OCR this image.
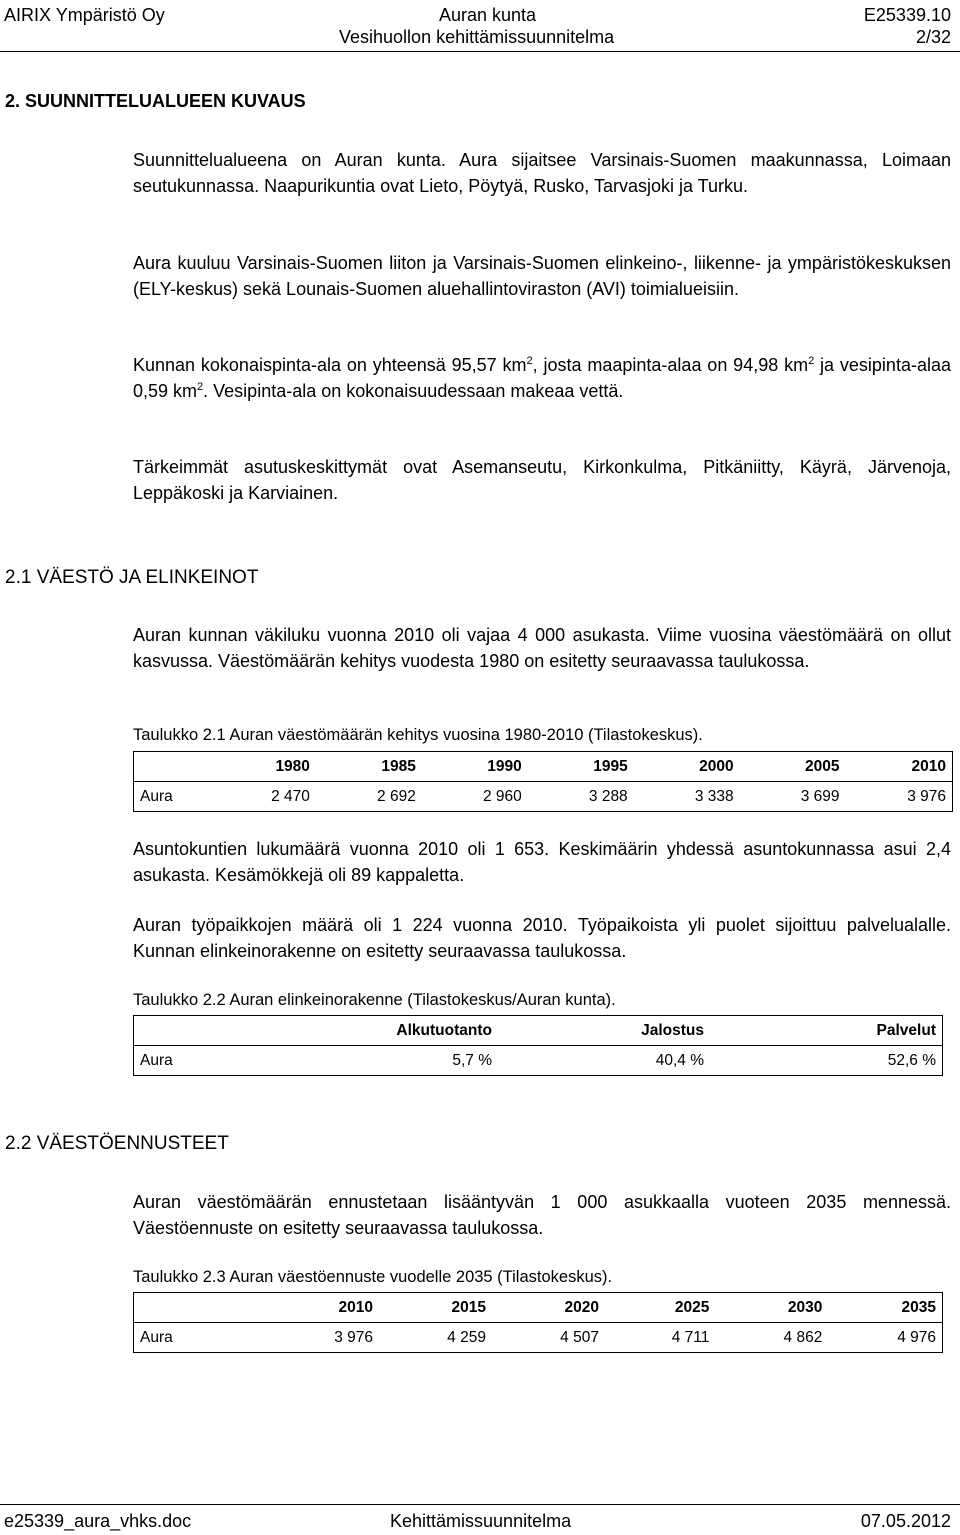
AIRIX Ympäristö Oy	Auran kunta	E25339.10
Vesihuollon kehittämissuunnitelma	2/32
2. SUUNNITTELUALUEEN KUVAUS

Suunnittelualueena on Auran kunta. Aura sijaitsee Varsinais-Suomen maakunnassa, Loimaan seutukunnassa. Naapurikuntia ovat Lieto, Pöytyä, Rusko, Tarvasjoki ja Turku.

Aura kuuluu Varsinais-Suomen liiton ja Varsinais-Suomen elinkeino-, liikenne- ja ympäristökeskuksen (ELY-keskus) sekä Lounais-Suomen aluehallintoviraston (AVI) toimialueisiin.

Kunnan kokonaispinta-ala on yhteensä 95,57 $km^2$, josta maapinta-alaa on 94,98 $km^2$ ja vesipinta-alaa 0,59 $km^2$. Vesipinta-ala on kokonaisuudessaan makeaa vettä.

Tärkeimmät asutuskeskittymät ovat Asemanseutu, Kirkonkulma, Pitkäniitty, Käyrä, Järvenoja, Leppäkoski ja Karviainen.

2.1 VÄESTÖ JA ELINKEINOT

Auran kunnan väkiluku vuonna 2010 oli vajaa 4 000 asukasta. Viime vuosina väestömäärä on ollut kasvussa. Väestömäärän kehitys vuodesta 1980 on esitetty seuraavassa taulukossa.

Taulukko 2.1 Auran väestömäärän kehitys vuosina 1980-2010 (Tilastokeskus).

	1980	1985	1990	1995	2000	2005	2010
Aura	2 470	2 692	2 960	3 288	3 338	3 699	3 976

Asuntokuntien lukumäärä vuonna 2010 oli 1 653. Keskimäärin yhdessä asuntokunnassa asui 2,4 asukasta. Kesämökkejä oli 89 kappaletta.

Auran työpaikkojen määrä oli 1 224 vuonna 2010. Työpaikoista yli puolet sijoittuu palvelualalle. Kunnan elinkeinorakenne on esitetty seuraavassa taulukossa.

Taulukko 2.2 Auran elinkeinorakenne (Tilastokeskus/Auran kunta).

	Alkutuotanto	Jalostus	Palvelut
Aura	5,7 %	40,4 %	52,6 %
2.2 VÄESTÖENNUSTEET

Auran väestömäärän ennustetaan lisääntyvän 1 000 asukkaalla vuoteen 2035 mennessä. Väestöennuste on esitetty seuraavassa taulukossa.

Taulukko 2.3 Auran väestöennuste vuodelle 2035 (Tilastokeskus).

	2010	2015	2020	2025	2030	2035
Aura	3 976	4 259	4 507	4 711	4 862	4 976
e25339_aura_vhks.doc	Kehittämissuunnitelma	07.05.2012
